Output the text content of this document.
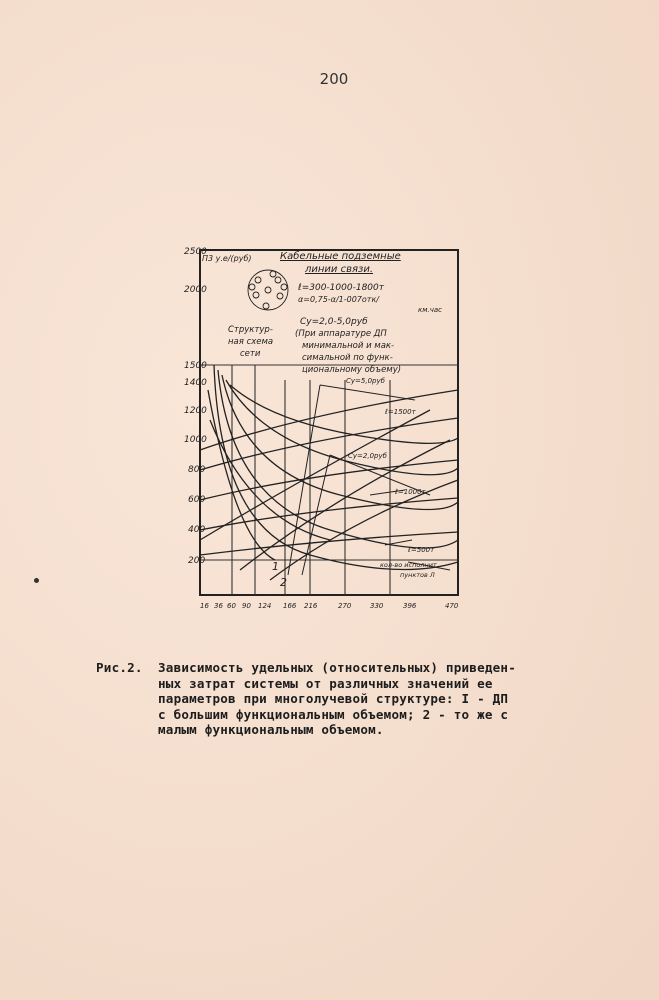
200
2500
2000
1500
1400
1200
1000
800
600
400
200
16 36 60 90 124 166 216	270	330	396	470
П3 у.е/(руб)	Кабельные подземные
линии связи.
ℓ=300-1000-1800т
α=0,75-α/1-007отк/
км.час
Су=2,0-5,0руб
(При аппаратуре ДП
минимальной и мак-
симальной по функ-
циональному объему)
Структур-
ная схема
сети
Су=5,0руб
Су=2,0руб
ℓ=1500т
ℓ=1000т
ℓ=500т
кол-во исполнит.
пунктов Л
1
2
Рис.2. Зависимость удельных (относительных) приведен-
ных затрат системы от различных значений ее
параметров при многолучевой структуре: I - ДП
с большим функциональным объемом; 2 - то же с
малым функциональным объемом.
